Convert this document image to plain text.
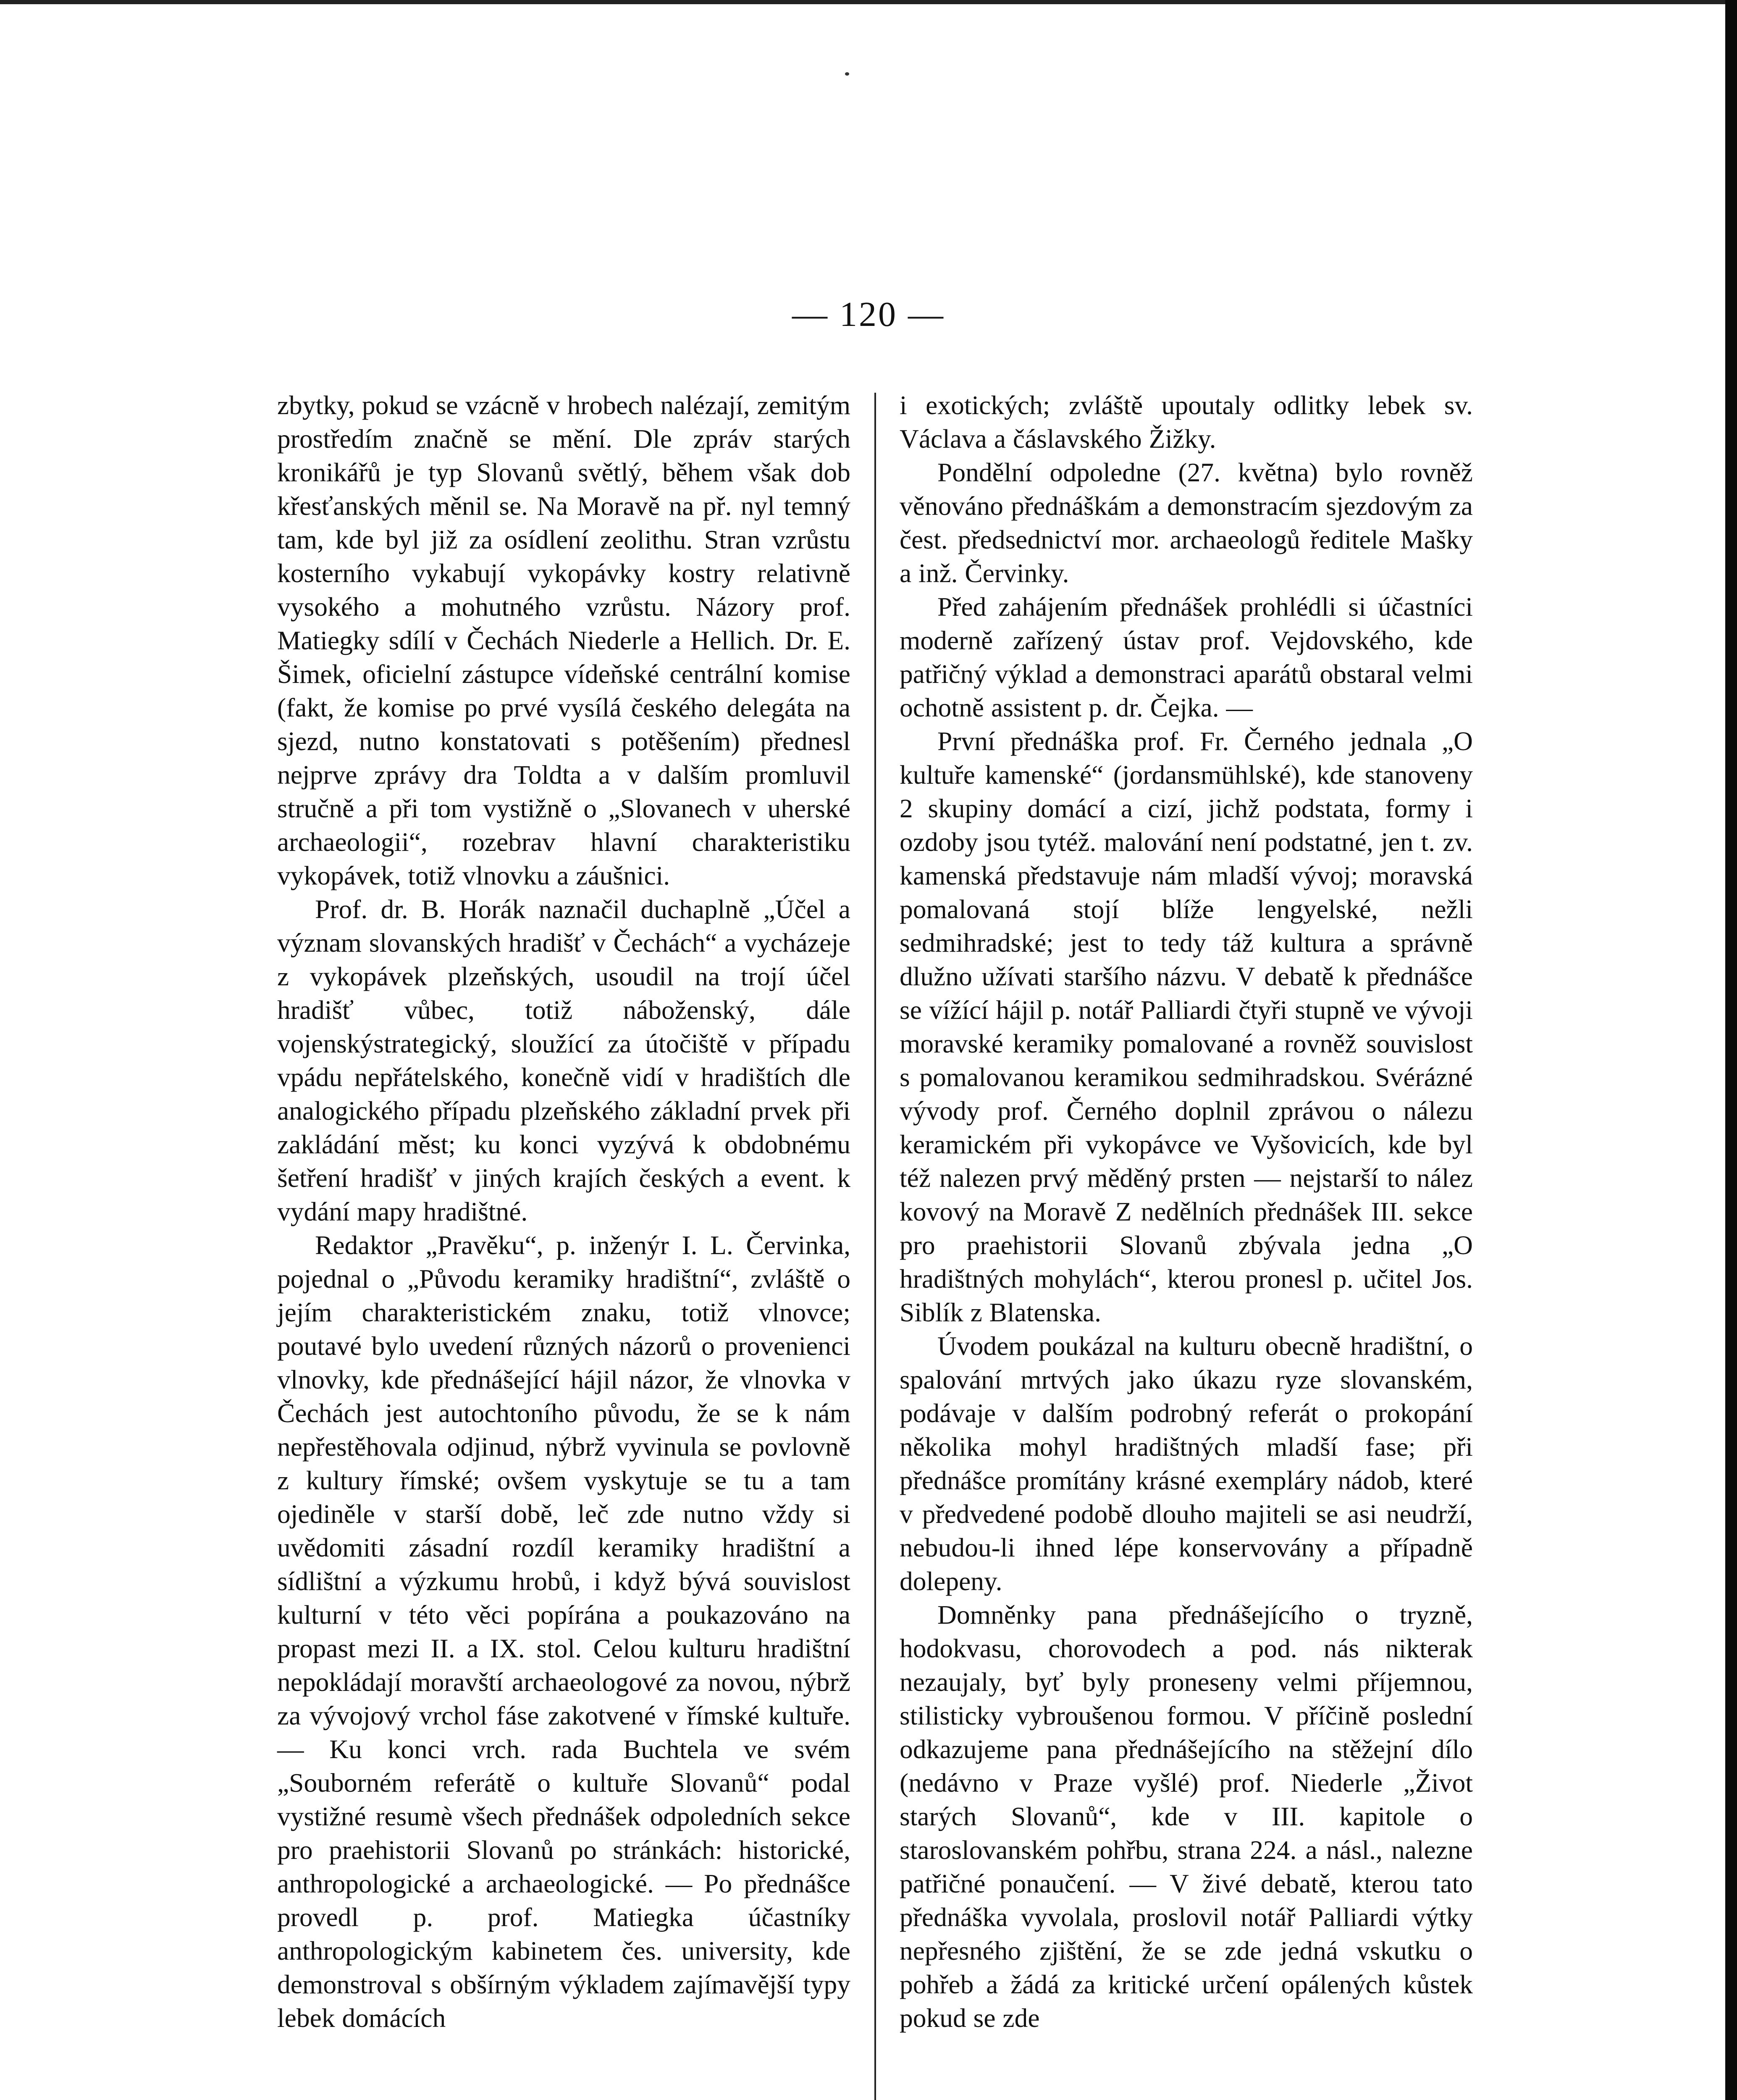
— 120 —

zbytky, pokud se vzácně v hrobech nalézají, zemitým prostředím značně se mění. Dle zpráv starých kronikářů je typ Slovanů světlý, během však dob křesťanských měnil se. Na Moravě na př. nyl temný tam, kde byl již za osídlení zeolithu. Stran vzrůstu kosterního vykabují vykopávky kostry relativně vysokého a mohutného vzrůstu. Názory prof. Matiegky sdílí v Čechách Niederle a Hellich. Dr. E. Šimek, oficielní zástupce vídeňské centrální komise (fakt, že komise po prvé vysílá českého delegáta na sjezd, nutno konstatovati s potěšením) přednesl nejprve zprávy dra Toldta a v dalším promluvil stručně a při tom vystižně o „Slovanech v uherské archaeologii“, rozebrav hlavní charakteristiku vykopávek, totiž vlnovku a záušnici.

Prof. dr. B. Horák naznačil duchaplně „Účel a význam slovanských hradišť v Čechách“ a vycházeje z vykopávek plzeňských, usoudil na trojí účel hradišť vůbec, totiž náboženský, dále vojenskýstrategický, sloužící za útočiště v případu vpádu nepřátelského, konečně vidí v hradištích dle analogického případu plzeňského základní prvek při zakládání měst; ku konci vyzývá k obdobnému šetření hradišť v jiných krajích českých a event. k vydání mapy hradištné.

Redaktor „Pravěku“, p. inženýr I. L. Červinka, pojednal o „Původu keramiky hradištní“, zvláště o jejím charakteristickém znaku, totiž vlnovce; poutavé bylo uvedení různých názorů o provenienci vlnovky, kde přednášející hájil názor, že vlnovka v Čechách jest autochtoního původu, že se k nám nepřestěhovala odjinud, nýbrž vyvinula se povlovně z kultury římské; ovšem vyskytuje se tu a tam ojediněle v starší době, leč zde nutno vždy si uvědomiti zásadní rozdíl keramiky hradištní a sídlištní a výzkumu hrobů, i když bývá souvislost kulturní v této věci popírána a poukazováno na propast mezi II. a IX. stol. Celou kulturu hradištní nepokládají moravští archaeologové za novou, nýbrž za vývojový vrchol fáse zakotvené v římské kultuře. — Ku konci vrch. rada Buchtela ve svém „Souborném referátě o kultuře Slovanů“ podal vystižné resumè všech přednášek odpoledních sekce pro praehistorii Slovanů po stránkách: historické, anthropologické a archaeologické. — Po přednášce provedl p. prof. Matiegka účastníky anthropologickým kabinetem čes. university, kde demonstroval s obšírným výkladem zajímavější typy lebek domácích

i exotických; zvláště upoutaly odlitky lebek sv. Václava a čáslavského Žižky.

Pondělní odpoledne (27. května) bylo rovněž věnováno přednáškám a demonstracím sjezdovým za čest. předsednictví mor. archaeologů ředitele Mašky a inž. Červinky.

Před zahájením přednášek prohlédli si účastníci moderně zařízený ústav prof. Vejdovského, kde patřičný výklad a demonstraci aparátů obstaral velmi ochotně assistent p. dr. Čejka. —

První přednáška prof. Fr. Černého jednala „O kultuře kamenské“ (jordansmühlské), kde stanoveny 2 skupiny domácí a cizí, jichž podstata, formy i ozdoby jsou tytéž. malování není podstatné, jen t. zv. kamenská představuje nám mladší vývoj; moravská pomalovaná stojí blíže lengyelské, nežli sedmihradské; jest to tedy táž kultura a správně dlužno užívati staršího názvu. V debatě k přednášce se vížící hájil p. notář Palliardi čtyři stupně ve vývoji moravské keramiky pomalované a rovněž souvislost s pomalovanou keramikou sedmihradskou. Svérázné vývody prof. Černého doplnil zprávou o nálezu keramickém při vykopávce ve Vyšovicích, kde byl též nalezen prvý měděný prsten — nejstarší to nález kovový na Moravě Z nedělních přednášek III. sekce pro praehistorii Slovanů zbývala jedna „O hradištných mohylách“, kterou pronesl p. učitel Jos. Siblík z Blatenska.

Úvodem poukázal na kulturu obecně hradištní, o spalování mrtvých jako úkazu ryze slovanském, podávaje v dalším podrobný referát o prokopání několika mohyl hradištných mladší fase; při přednášce promítány krásné exempláry nádob, které v předvedené podobě dlouho majiteli se asi neudrží, nebudou-li ihned lépe konservovány a případně dolepeny.

Domněnky pana přednášejícího o tryzně, hodokvasu, chorovodech a pod. nás nikterak nezaujaly, byť byly proneseny velmi příjemnou, stilisticky vybroušenou formou. V příčině poslední odkazujeme pana přednášejícího na stěžejní dílo (nedávno v Praze vyšlé) prof. Niederle „Život starých Slovanů“, kde v III. kapitole o staroslovanském pohřbu, strana 224. a násl., nalezne patřičné ponaučení. — V živé debatě, kterou tato přednáška vyvolala, proslovil notář Palliardi výtky nepřesného zjištění, že se zde jedná vskutku o pohřeb a žádá za kritické určení opálených kůstek pokud se zde
